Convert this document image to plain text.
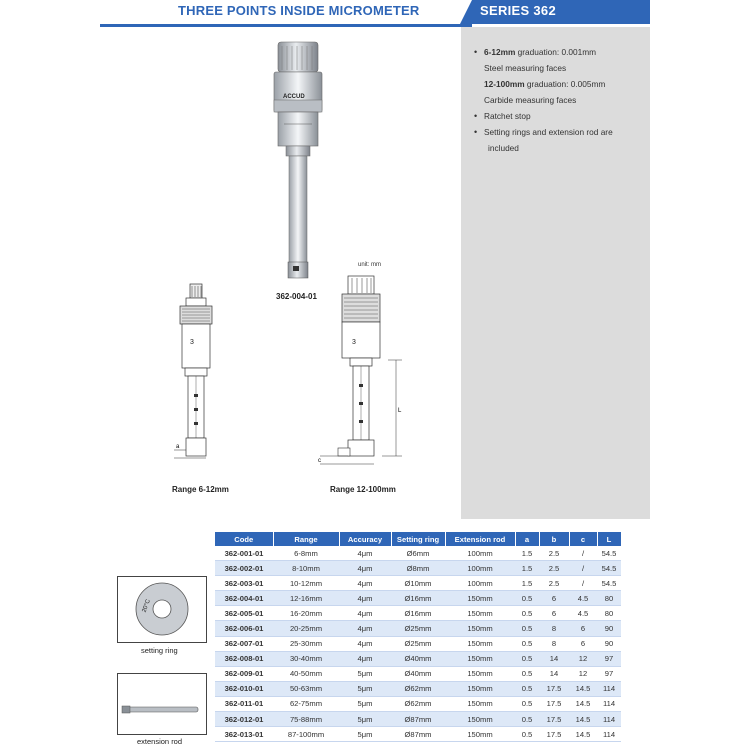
THREE POINTS INSIDE MICROMETER	SERIES 362
• 6-12mm graduation: 0.001mm
Steel measuring faces
12-100mm graduation: 0.005mm
Carbide measuring faces
• Ratchet stop
• Setting rings and extension rod are
included
ACCUD
362-004-01
3
a
Range 6-12mm
3
L
c
unit: mm
Range 12-100mm
20°C
setting ring
extension rod
Code	Range	Accuracy	Setting ring	Extension rod	a	b	c	L
362-001-01	6-8mm	4μm	Ø6mm	100mm	1.5	2.5	/	54.5
362-002-01	8-10mm	4μm	Ø8mm	100mm	1.5	2.5	/	54.5
362-003-01	10-12mm	4μm	Ø10mm	100mm	1.5	2.5	/	54.5
362-004-01	12-16mm	4μm	Ø16mm	150mm	0.5	6	4.5	80
362-005-01	16-20mm	4μm	Ø16mm	150mm	0.5	6	4.5	80
362-006-01	20-25mm	4μm	Ø25mm	150mm	0.5	8	6	90
362-007-01	25-30mm	4μm	Ø25mm	150mm	0.5	8	6	90
362-008-01	30-40mm	4μm	Ø40mm	150mm	0.5	14	12	97
362-009-01	40-50mm	5μm	Ø40mm	150mm	0.5	14	12	97
362-010-01	50-63mm	5μm	Ø62mm	150mm	0.5	17.5	14.5	114
362-011-01	62-75mm	5μm	Ø62mm	150mm	0.5	17.5	14.5	114
362-012-01	75-88mm	5μm	Ø87mm	150mm	0.5	17.5	14.5	114
362-013-01	87-100mm	5μm	Ø87mm	150mm	0.5	17.5	14.5	114
